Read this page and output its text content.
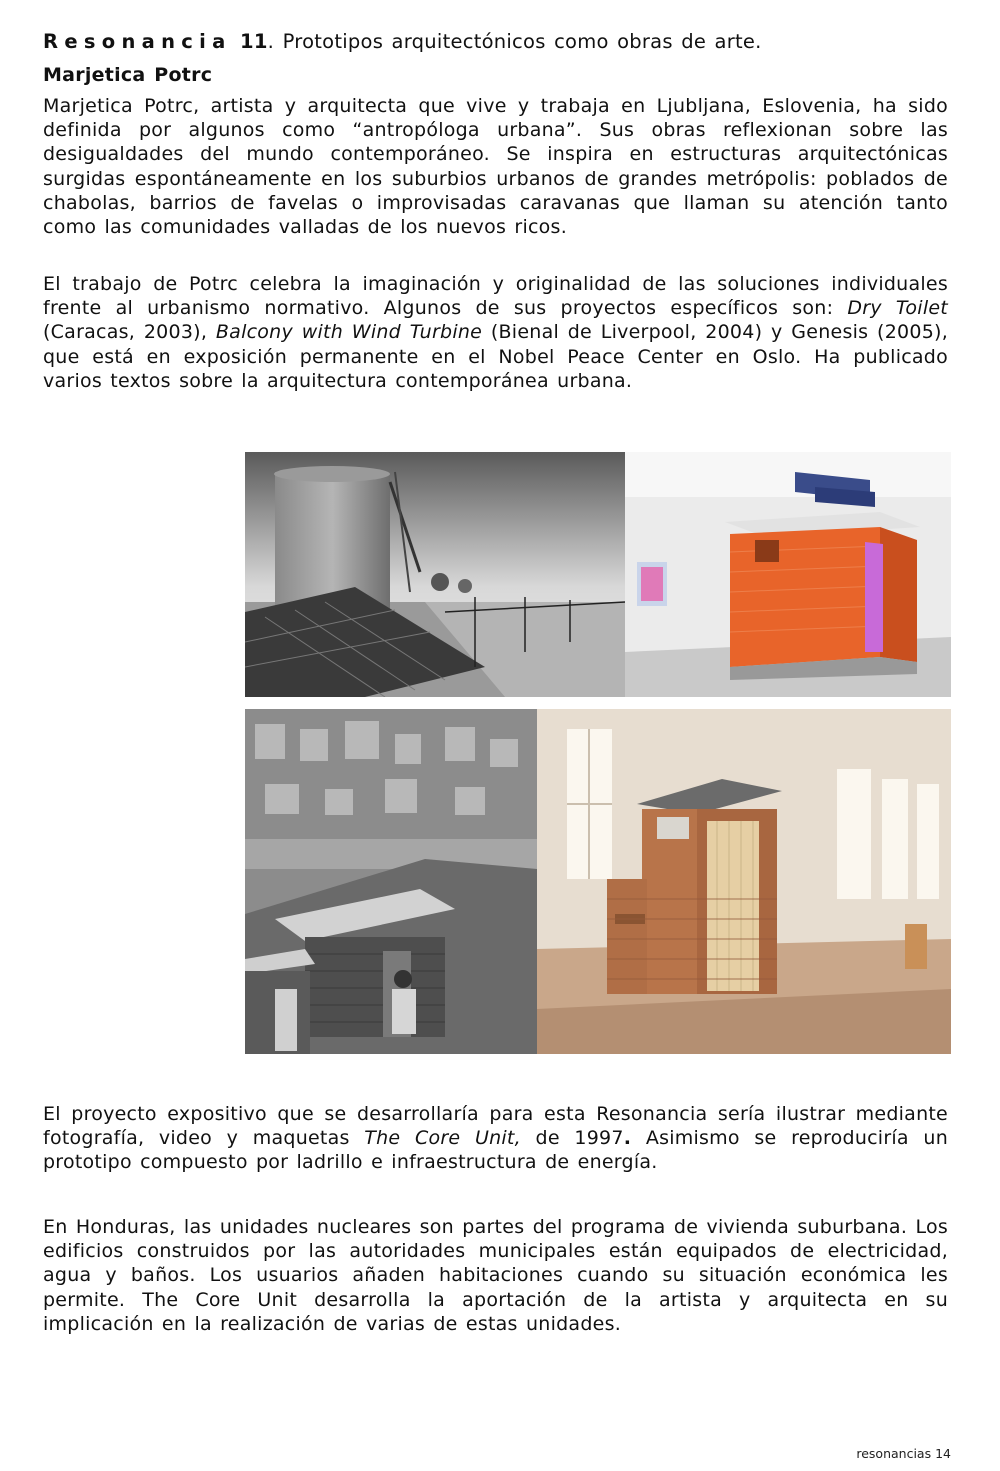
Resonancia 11. Prototipos arquitectónicos como obras de arte.

Marjetica Potrc

Marjetica Potrc, artista y arquitecta que vive y trabaja en Ljubljana, Eslovenia, ha sido definida por algunos como “antropóloga urbana”. Sus obras reflexionan sobre las desigualdades del mundo contemporáneo. Se inspira en estructuras arquitectónicas surgidas espontáneamente en los suburbios urbanos de grandes metrópolis: poblados de chabolas, barrios de favelas o improvisadas caravanas que llaman su atención tanto como las comunidades valladas de los nuevos ricos.

El trabajo de Potrc celebra la imaginación y originalidad de las soluciones individuales frente al urbanismo normativo. Algunos de sus proyectos específicos son: Dry Toilet (Caracas, 2003), Balcony with Wind Turbine (Bienal de Liverpool, 2004) y Genesis (2005), que está en exposición permanente en el Nobel Peace Center en Oslo. Ha publicado varios textos sobre la arquitectura contemporánea urbana.

El proyecto expositivo que se desarrollaría para esta Resonancia sería ilustrar mediante fotografía, video y maquetas The Core Unit, de 1997. Asimismo se reproduciría un prototipo compuesto por ladrillo e infraestructura de energía.

En Honduras, las unidades nucleares son partes del programa de vivienda suburbana. Los edificios construidos por las autoridades municipales están equipados de electricidad, agua y baños. Los usuarios añaden habitaciones cuando su situación económica les permite. The Core Unit desarrolla la aportación de la artista y arquitecta en su implicación en la realización de varias de estas unidades.

resonancias 14
